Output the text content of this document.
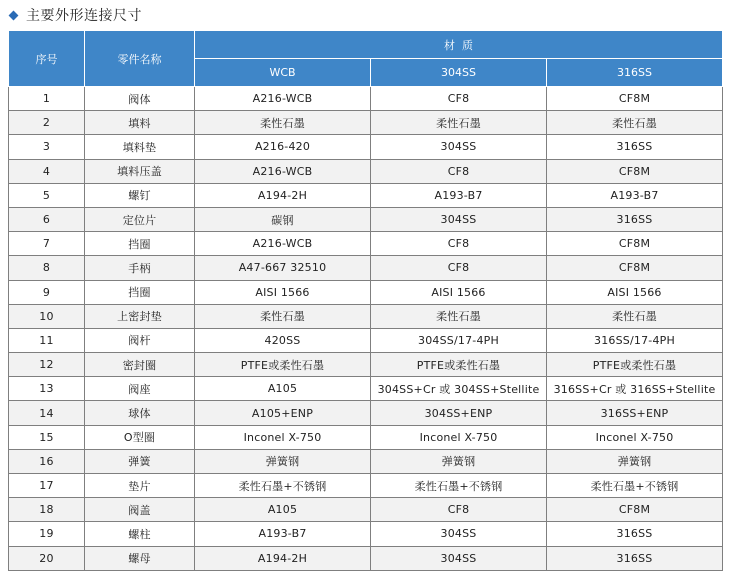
主要外形连接尺寸
序号	零件名称	材  质		
		WCB	304SS	316SS
1	阀体	A216-WCB	CF8	CF8M
2	填料	柔性石墨	柔性石墨	柔性石墨
3	填料垫	A216-420	304SS	316SS
4	填料压盖	A216-WCB	CF8	CF8M
5	螺钉	A194-2H	A193-B7	A193-B7
6	定位片	碳钢	304SS	316SS
7	挡圈	A216-WCB	CF8	CF8M
8	手柄	A47-667 32510	CF8	CF8M
9	挡圈	AISI 1566	AISI 1566	AISI 1566
10	上密封垫	柔性石墨	柔性石墨	柔性石墨
11	阀杆	420SS	304SS/17-4PH	316SS/17-4PH
12	密封圈	PTFE或柔性石墨	PTFE或柔性石墨	PTFE或柔性石墨
13	阀座	A105	304SS+Cr 或 304SS+Stellite	316SS+Cr 或 316SS+Stellite
14	球体	A105+ENP	304SS+ENP	316SS+ENP
15	O型圈	Inconel X-750	Inconel X-750	Inconel X-750
16	弹簧	弹簧钢	弹簧钢	弹簧钢
17	垫片	柔性石墨+不锈钢	柔性石墨+不锈钢	柔性石墨+不锈钢
18	阀盖	A105	CF8	CF8M
19	螺柱	A193-B7	304SS	316SS
20	螺母	A194-2H	304SS	316SS
